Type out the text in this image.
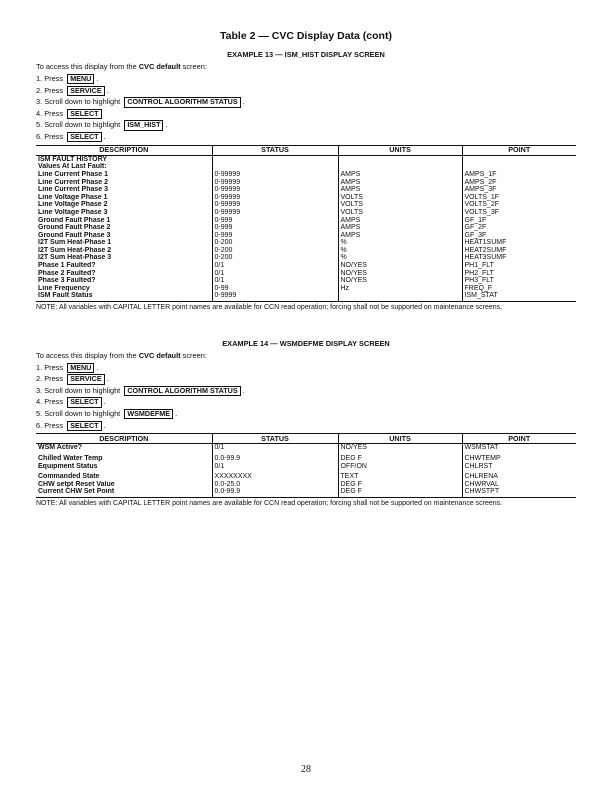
Table 2 — CVC Display Data (cont)
EXAMPLE 13 — ISM_HIST DISPLAY SCREEN
To access this display from the CVC default screen:
1. Press MENU .
2. Press SERVICE .
3. Scroll down to highlight CONTROL ALGORITHM STATUS .
4. Press SELECT
5. Scroll down to highlight ISM_HIST .
6. Press SELECT .
DESCRIPTION	STATUS	UNITS	POINT
ISM FAULT HISTORY			
Values At Last Fault:			
Line Current Phase 1	0-99999	AMPS	AMPS_1F
Line Current Phase 2	0-99999	AMPS	AMPS_2F
Line Current Phase 3	0-99999	AMPS	AMPS_3F
Line Voltage Phase 1	0-99999	VOLTS	VOLTS_1F
Line Voltage Phase 2	0-99999	VOLTS	VOLTS_2F
Line Voltage Phase 3	0-99999	VOLTS	VOLTS_3F
Ground Fault Phase 1	0-999	AMPS	GF_1F
Ground Fault Phase 2	0-999	AMPS	GF_2F
Ground Fault Phase 3	0-999	AMPS	GF_3F
I2T Sum Heat-Phase 1	0-200	%	HEAT1SUMF
I2T Sum Heat-Phase 2	0-200	%	HEAT2SUMF
I2T Sum Heat-Phase 3	0-200	%	HEAT3SUMF
Phase 1 Faulted?	0/1	NO/YES	PH1_FLT
Phase 2 Faulted?	0/1	NO/YES	PH2_FLT
Phase 3 Faulted?	0/1	NO/YES	PH3_FLT
Line Frequency	0-99	Hz	FREQ_F
ISM Fault Status	0-9999		ISM_STAT
NOTE: All variables with CAPITAL LETTER point names are available for CCN read operation; forcing shall not be supported on maintenance screens.
EXAMPLE 14 — WSMDEFME DISPLAY SCREEN
To access this display from the CVC default screen:
1. Press MENU .
2. Press SERVICE .
3. Scroll down to highlight CONTROL ALGORITHM STATUS .
4. Press SELECT .
5. Scroll down to highlight WSMDEFME .
6. Press SELECT .
DESCRIPTION	STATUS	UNITS	POINT
WSM Active?	0/1	NO/YES	WSMSTAT
Chilled Water Temp	0.0-99.9	DEG F	CHWTEMP
Equipment Status	0/1	OFF/ON	CHLRST
Commanded State	XXXXXXXX	TEXT	CHLRENA
CHW setpt Reset Value	0.0-25.0	DEG F	CHWRVAL
Current CHW Set Point	0.0-99.9	DEG F	CHWSTPT
NOTE: All variables with CAPITAL LETTER point names are available for CCN read operation; forcing shall not be supported on maintenance screens.
28
